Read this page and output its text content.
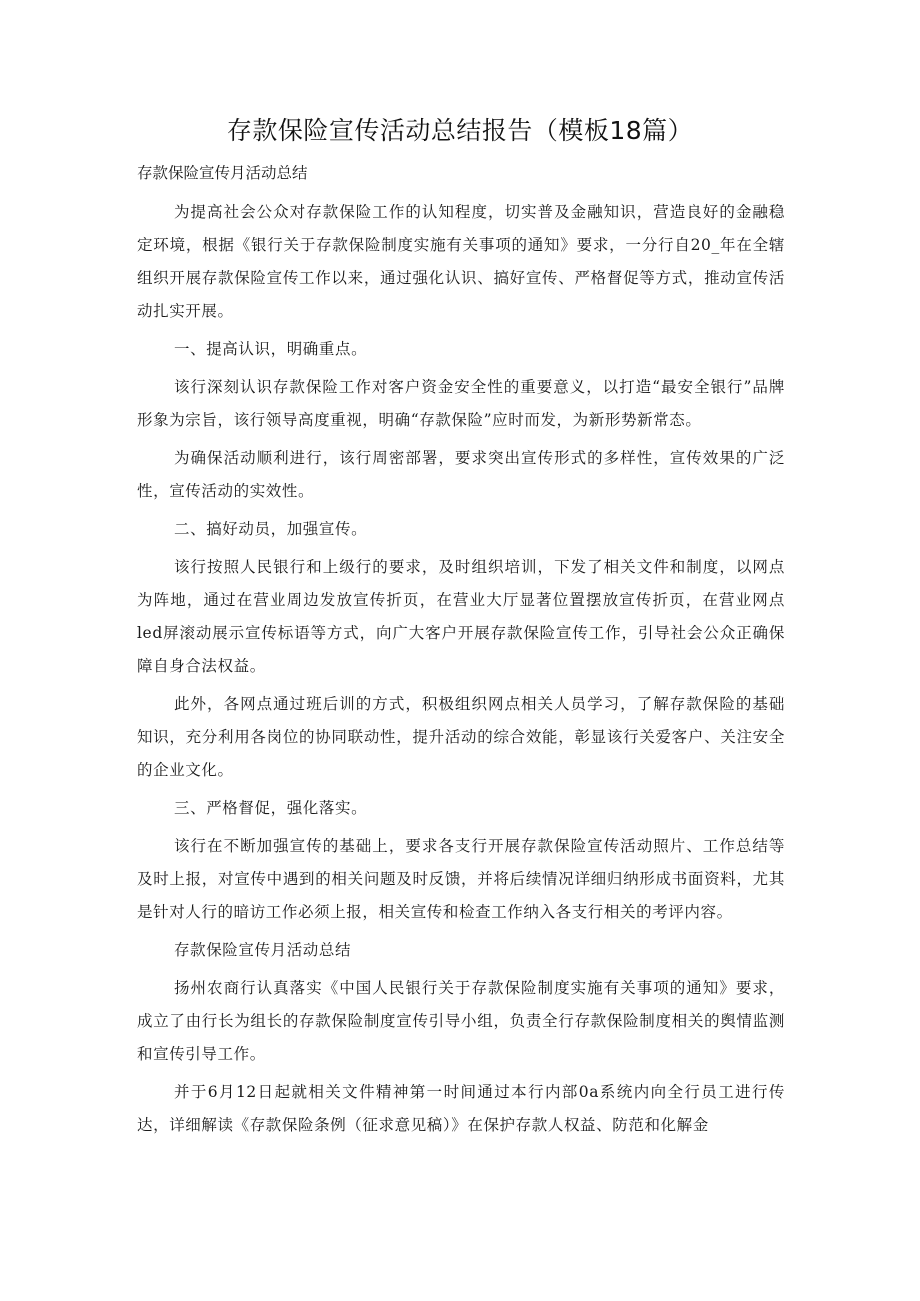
存款保险宣传活动总结报告（模板18篇）
存款保险宣传月活动总结

为提高社会公众对存款保险工作的认知程度，切实普及金融知识，营造良好的金融稳定环境，根据《银行关于存款保险制度实施有关事项的通知》要求，一分行自20_年在全辖组织开展存款保险宣传工作以来，通过强化认识、搞好宣传、严格督促等方式，推动宣传活动扎实开展。

一、提高认识，明确重点。

该行深刻认识存款保险工作对客户资金安全性的重要意义，以打造“最安全银行”品牌形象为宗旨，该行领导高度重视，明确“存款保险”应时而发，为新形势新常态。

为确保活动顺利进行，该行周密部署，要求突出宣传形式的多样性，宣传效果的广泛性，宣传活动的实效性。

二、搞好动员，加强宣传。

该行按照人民银行和上级行的要求，及时组织培训，下发了相关文件和制度，以网点为阵地，通过在营业周边发放宣传折页，在营业大厅显著位置摆放宣传折页，在营业网点led屏滚动展示宣传标语等方式，向广大客户开展存款保险宣传工作，引导社会公众正确保障自身合法权益。

此外，各网点通过班后训的方式，积极组织网点相关人员学习，了解存款保险的基础知识，充分利用各岗位的协同联动性，提升活动的综合效能，彰显该行关爱客户、关注安全的企业文化。

三、严格督促，强化落实。

该行在不断加强宣传的基础上，要求各支行开展存款保险宣传活动照片、工作总结等及时上报，对宣传中遇到的相关问题及时反馈，并将后续情况详细归纳形成书面资料，尤其是针对人行的暗访工作必须上报，相关宣传和检查工作纳入各支行相关的考评内容。

存款保险宣传月活动总结

扬州农商行认真落实《中国人民银行关于存款保险制度实施有关事项的通知》要求，成立了由行长为组长的存款保险制度宣传引导小组，负责全行存款保险制度相关的舆情监测和宣传引导工作。

并于6月12日起就相关文件精神第一时间通过本行内部0a系统内向全行员工进行传达，详细解读《存款保险条例（征求意见稿）》在保护存款人权益、防范和化解金
